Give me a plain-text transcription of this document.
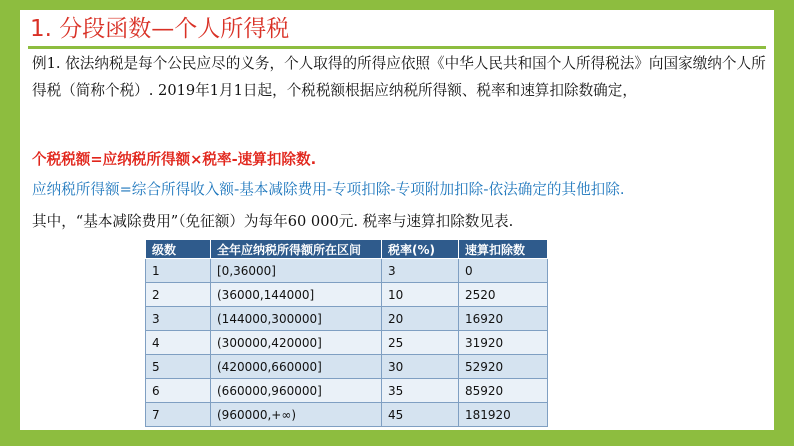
1. 分段函数—个人所得税
例1. 依法纳税是每个公民应尽的义务，个人取得的所得应依照《中华人民共和国个人所得税法》向国家缴纳个人所得税（简称个税）. 2019年1月1日起，个税税额根据应纳税所得额、税率和速算扣除数确定，
个税税额=应纳税所得额×税率-速算扣除数.
应纳税所得额=综合所得收入额-基本减除费用-专项扣除-专项附加扣除-依法确定的其他扣除.
其中，“基本减除费用”（免征额）为每年60 000元. 税率与速算扣除数见表.
级数	全年应纳税所得额所在区间	税率(%)	速算扣除数
1	[0,36000]	3	0
2	(36000,144000]	10	2520
3	(144000,300000]	20	16920
4	(300000,420000]	25	31920
5	(420000,660000]	30	52920
6	(660000,960000]	35	85920
7	(960000,+∞)	45	181920
